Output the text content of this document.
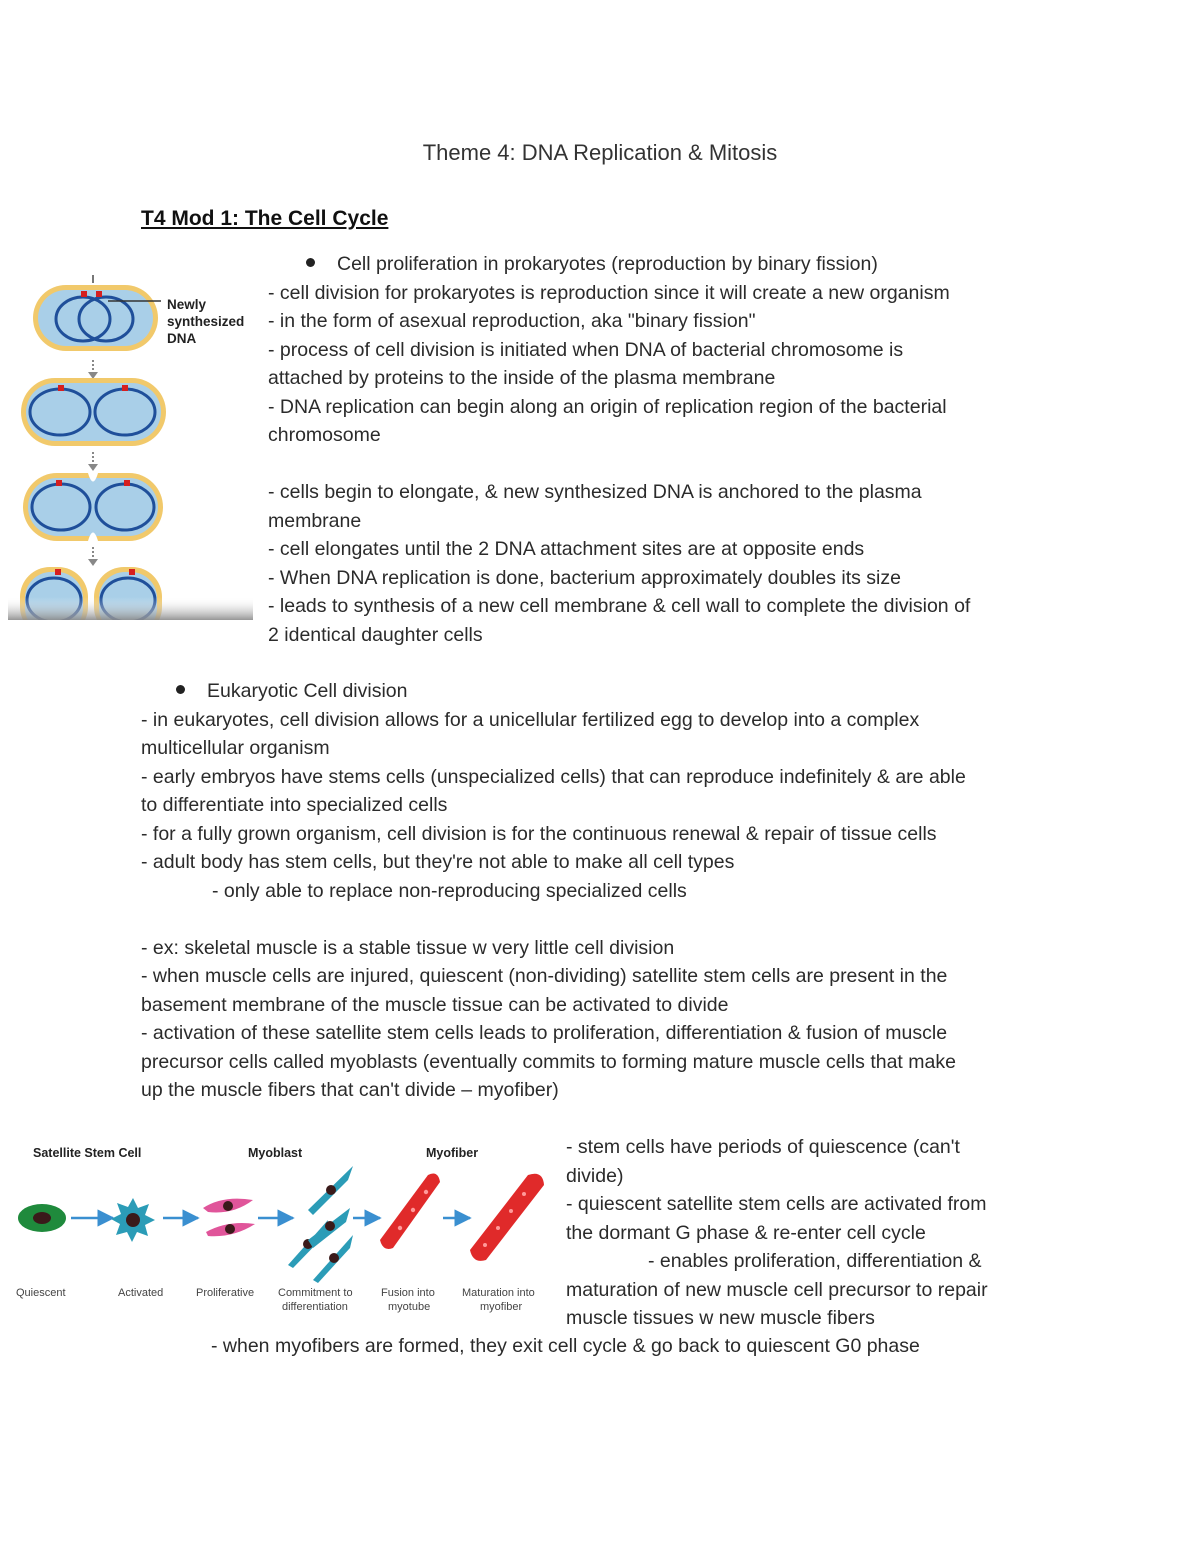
Theme 4: DNA Replication & Mitosis
T4 Mod 1: The Cell Cycle
Newly
synthesized
DNA
Cell proliferation in prokaryotes (reproduction by binary fission)
- cell division for prokaryotes is reproduction since it will create a new organism
- in the form of asexual reproduction, aka "binary fission"
- process of cell division is initiated when DNA of bacterial chromosome is
attached by proteins to the inside of the plasma membrane
- DNA replication can begin along an origin of replication region of the bacterial
chromosome
- cells begin to elongate, & new synthesized DNA is anchored to the plasma
membrane
- cell elongates until the 2 DNA attachment sites are at opposite ends
- When DNA replication is done, bacterium approximately doubles its size
- leads to synthesis of a new cell membrane & cell wall to complete the division of
2 identical daughter cells
Eukaryotic Cell division
- in eukaryotes, cell division allows for a unicellular fertilized egg to develop into a complex
multicellular organism
- early embryos have stems cells (unspecialized cells) that can reproduce indefinitely & are able
to differentiate into specialized cells
- for a fully grown organism, cell division is for the continuous renewal & repair of tissue cells
- adult body has stem cells, but they're not able to make all cell types
- only able to replace non-reproducing specialized cells
- ex: skeletal muscle is a stable tissue w very little cell division
- when muscle cells are injured, quiescent (non-dividing) satellite stem cells are present in the
basement membrane of the muscle tissue can be activated to divide
- activation of these satellite stem cells leads to proliferation, differentiation & fusion of muscle
precursor cells called myoblasts (eventually commits to forming mature muscle cells that make
up the muscle fibers that can't divide – myofiber)
Satellite Stem Cell	Myoblast	Myofiber
Quiescent	Activated	Proliferative Commitment to
differentiation
Fusion into
myotube
Maturation into
myofiber
- stem cells have periods of quiescence (can't
divide)
- quiescent satellite stem cells are activated from
the dormant G phase & re-enter cell cycle
- enables proliferation, differentiation &
maturation of new muscle cell precursor to repair
muscle tissues w new muscle fibers
- when myofibers are formed, they exit cell cycle & go back to quiescent G0 phase
